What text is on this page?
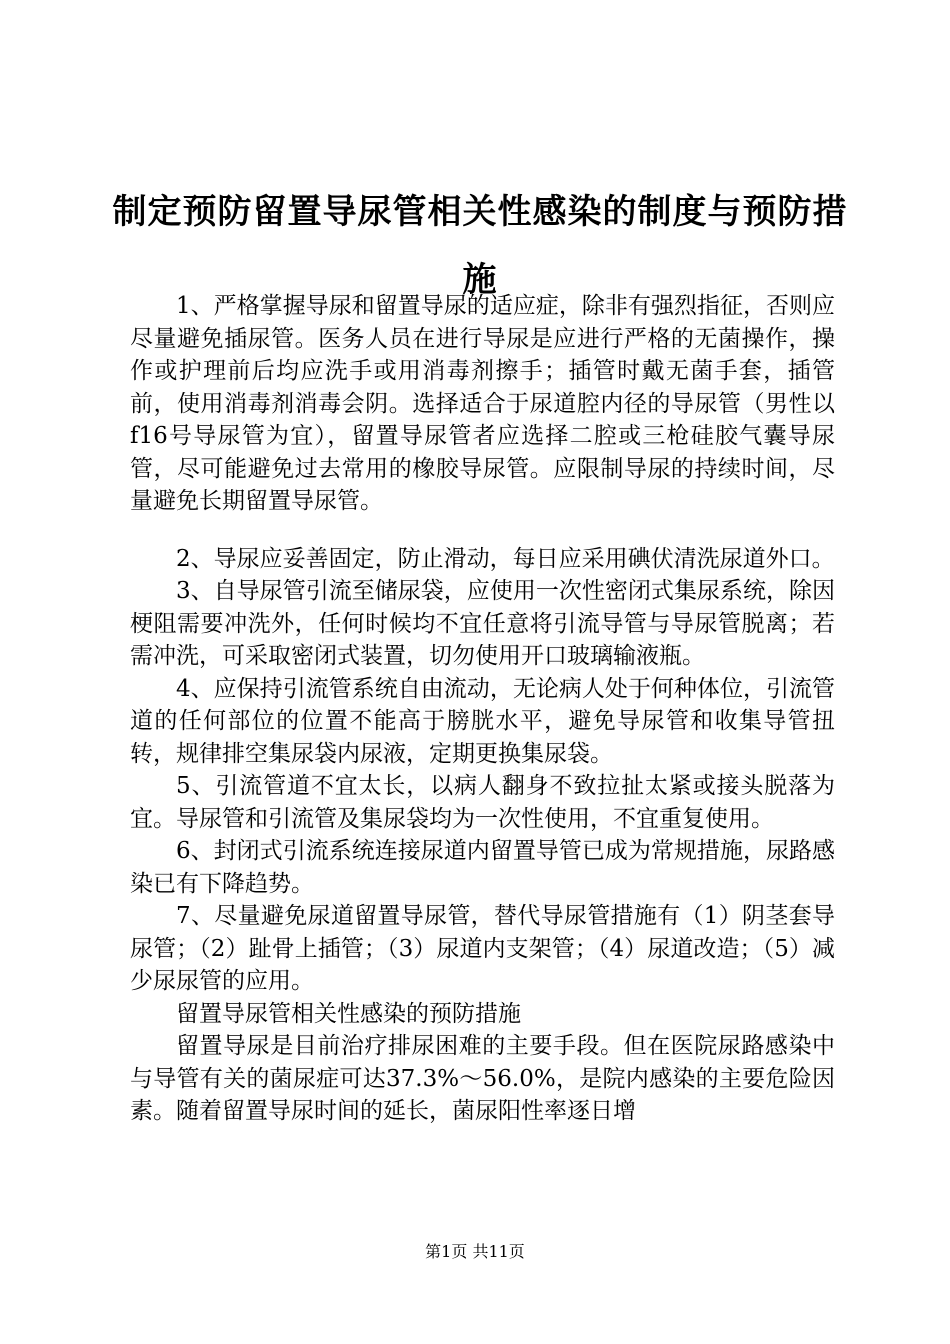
制定预防留置导尿管相关性感染的制度与预防措施

1、严格掌握导尿和留置导尿的适应症，除非有强烈指征，否则应尽量避免插尿管。医务人员在进行导尿是应进行严格的无菌操作，操作或护理前后均应洗手或用消毒剂擦手；插管时戴无菌手套，插管前，使用消毒剂消毒会阴。选择适合于尿道腔内径的导尿管（男性以f16号导尿管为宜），留置导尿管者应选择二腔或三枪硅胶气囊导尿管，尽可能避免过去常用的橡胶导尿管。应限制导尿的持续时间，尽量避免长期留置导尿管。

2、导尿应妥善固定，防止滑动，每日应采用碘伏清洗尿道外口。

3、自导尿管引流至储尿袋，应使用一次性密闭式集尿系统，除因梗阻需要冲洗外，任何时候均不宜任意将引流导管与导尿管脱离；若需冲洗，可采取密闭式装置，切勿使用开口玻璃输液瓶。

4、应保持引流管系统自由流动，无论病人处于何种体位，引流管道的任何部位的位置不能高于膀胱水平，避免导尿管和收集导管扭转，规律排空集尿袋内尿液，定期更换集尿袋。

5、引流管道不宜太长，以病人翻身不致拉扯太紧或接头脱落为宜。导尿管和引流管及集尿袋均为一次性使用，不宜重复使用。

6、封闭式引流系统连接尿道内留置导管已成为常规措施，尿路感染已有下降趋势。

7、尽量避免尿道留置导尿管，替代导尿管措施有（1）阴茎套导尿管；（2）趾骨上插管；（3）尿道内支架管；（4）尿道改造；（5）减少尿尿管的应用。

留置导尿管相关性感染的预防措施

留置导尿是目前治疗排尿困难的主要手段。但在医院尿路感染中与导管有关的菌尿症可达37.3%～56.0%，是院内感染的主要危险因素。随着留置导尿时间的延长，菌尿阳性率逐日增

第1页 共11页
